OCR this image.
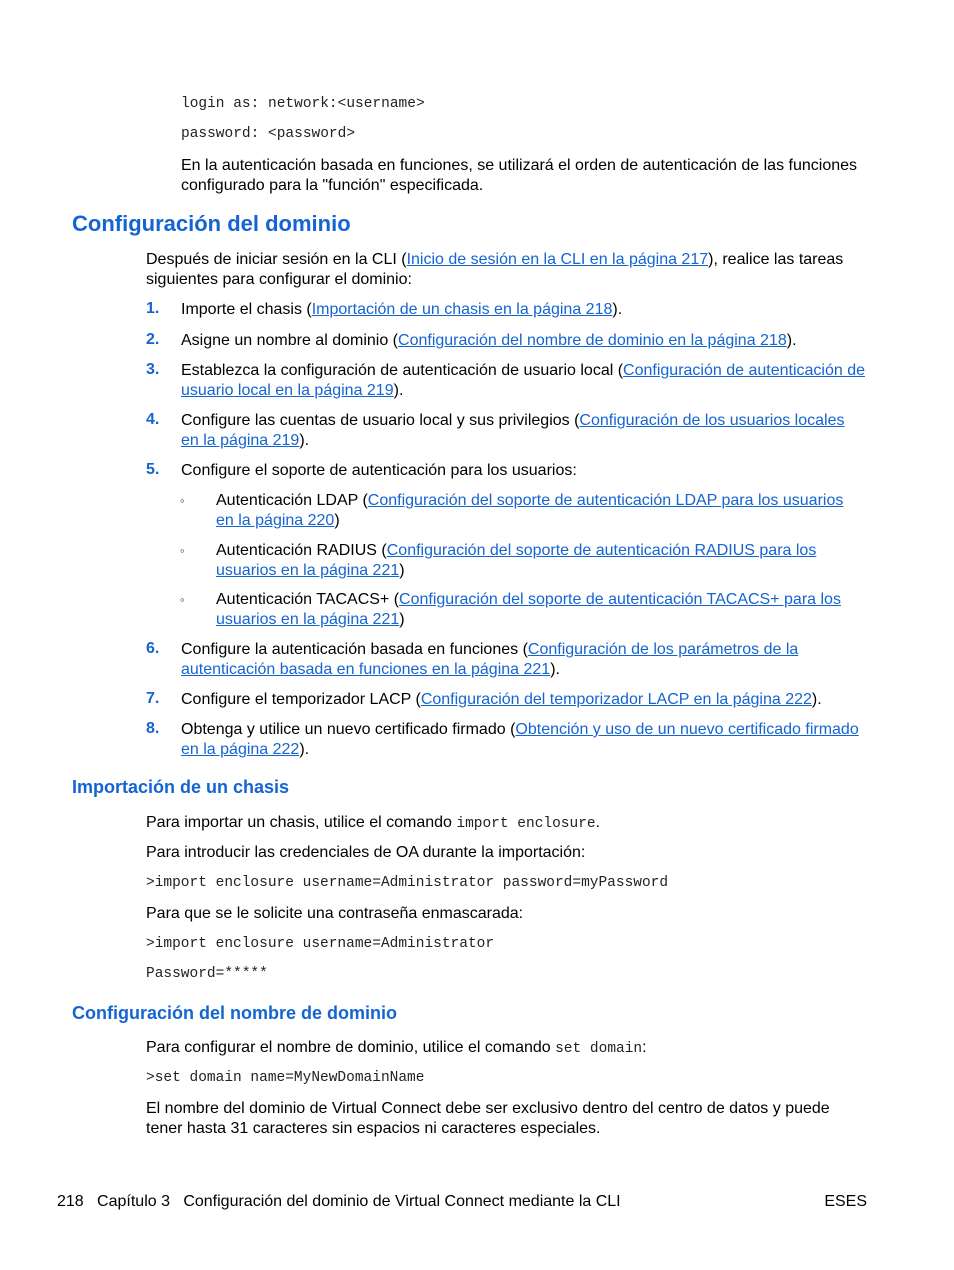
login as: network:<username>
password: <password>
En la autenticación basada en funciones, se utilizará el orden de autenticación de las funciones configurado para la "función" especificada.
Configuración del dominio
Después de iniciar sesión en la CLI (Inicio de sesión en la CLI en la página 217), realice las tareas
siguientes para configurar el dominio:
1. Importe el chasis (Importación de un chasis en la página 218).
2. Asigne un nombre al dominio (Configuración del nombre de dominio en la página 218).
3. Establezca la configuración de autenticación de usuario local (Configuración de autenticación de
usuario local en la página 219).
4. Configure las cuentas de usuario local y sus privilegios (Configuración de los usuarios locales
en la página 219).
5. Configure el soporte de autenticación para los usuarios:
◦ Autenticación LDAP (Configuración del soporte de autenticación LDAP para los usuarios
en la página 220)
◦ Autenticación RADIUS (Configuración del soporte de autenticación RADIUS para los
usuarios en la página 221)
◦ Autenticación TACACS+ (Configuración del soporte de autenticación TACACS+ para los
usuarios en la página 221)
6. Configure la autenticación basada en funciones (Configuración de los parámetros de la
autenticación basada en funciones en la página 221).
7. Configure el temporizador LACP (Configuración del temporizador LACP en la página 222).
8. Obtenga y utilice un nuevo certificado firmado (Obtención y uso de un nuevo certificado firmado
en la página 222).
Importación de un chasis
Para importar un chasis, utilice el comando import enclosure.
Para introducir las credenciales de OA durante la importación:
>import enclosure username=Administrator password=myPassword
Para que se le solicite una contraseña enmascarada:
>import enclosure username=Administrator
Password=*****
Configuración del nombre de dominio
Para configurar el nombre de dominio, utilice el comando set domain:
>set domain name=MyNewDomainName
El nombre del dominio de Virtual Connect debe ser exclusivo dentro del centro de datos y puede
tener hasta 31 caracteres sin espacios ni caracteres especiales.
218 Capítulo 3 Configuración del dominio de Virtual Connect mediante la CLI	ESES
